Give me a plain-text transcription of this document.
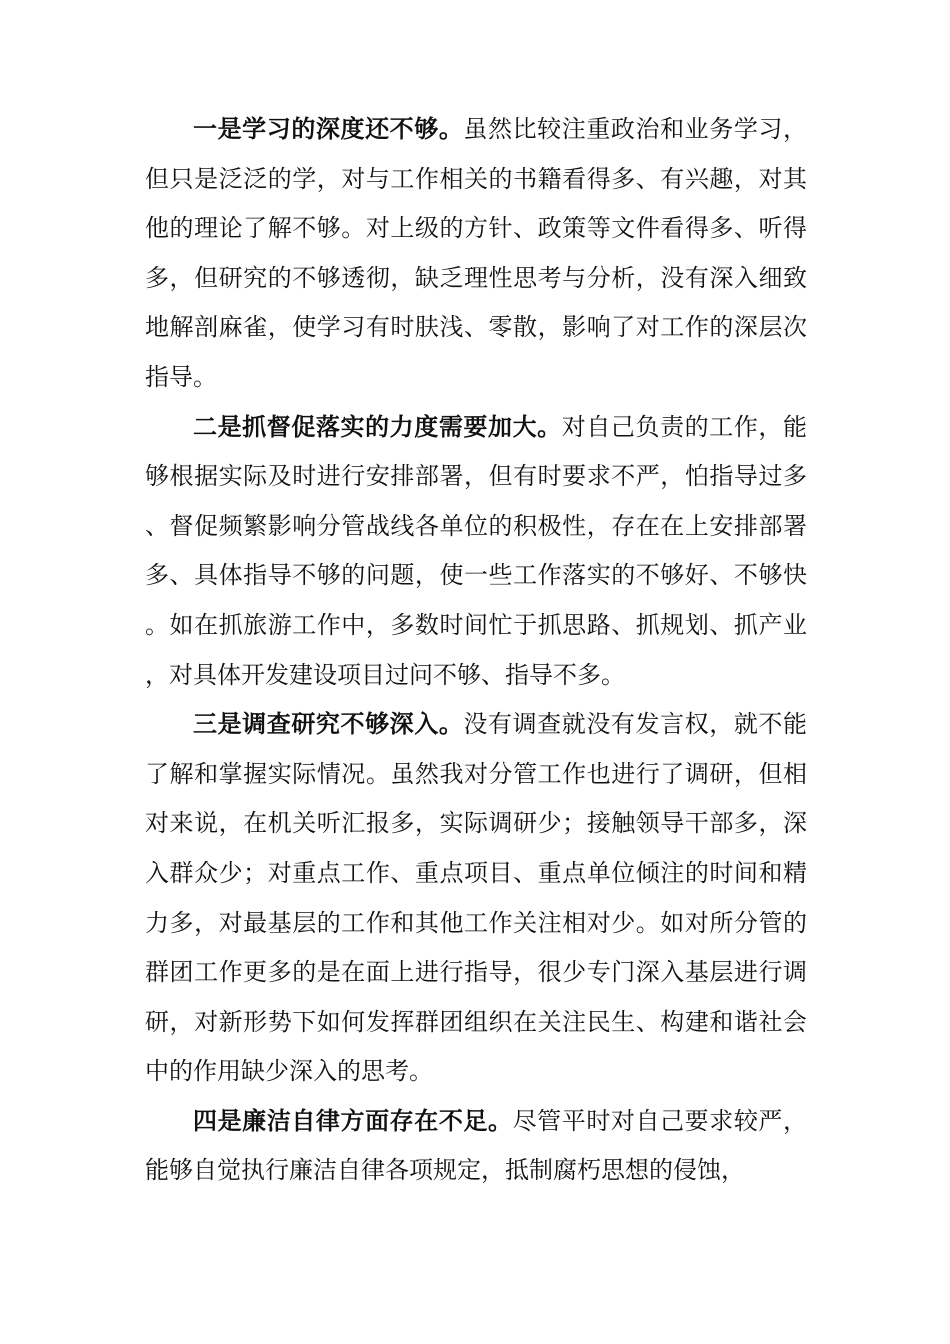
一是学习的深度还不够。虽然比较注重政治和业务学习，但只是泛泛的学，对与工作相关的书籍看得多、有兴趣，对其他的理论了解不够。对上级的方针、政策等文件看得多、听得多，但研究的不够透彻，缺乏理性思考与分析，没有深入细致地解剖麻雀，使学习有时肤浅、零散，影响了对工作的深层次指导。

二是抓督促落实的力度需要加大。对自己负责的工作，能够根据实际及时进行安排部署，但有时要求不严，怕指导过多、督促频繁影响分管战线各单位的积极性，存在在上安排部署多、具体指导不够的问题，使一些工作落实的不够好、不够快。如在抓旅游工作中，多数时间忙于抓思路、抓规划、抓产业，对具体开发建设项目过问不够、指导不多。

三是调查研究不够深入。没有调查就没有发言权，就不能了解和掌握实际情况。虽然我对分管工作也进行了调研，但相对来说，在机关听汇报多，实际调研少；接触领导干部多，深入群众少；对重点工作、重点项目、重点单位倾注的时间和精力多，对最基层的工作和其他工作关注相对少。如对所分管的群团工作更多的是在面上进行指导，很少专门深入基层进行调研，对新形势下如何发挥群团组织在关注民生、构建和谐社会中的作用缺少深入的思考。

四是廉洁自律方面存在不足。尽管平时对自己要求较严，能够自觉执行廉洁自律各项规定，抵制腐朽思想的侵蚀，
